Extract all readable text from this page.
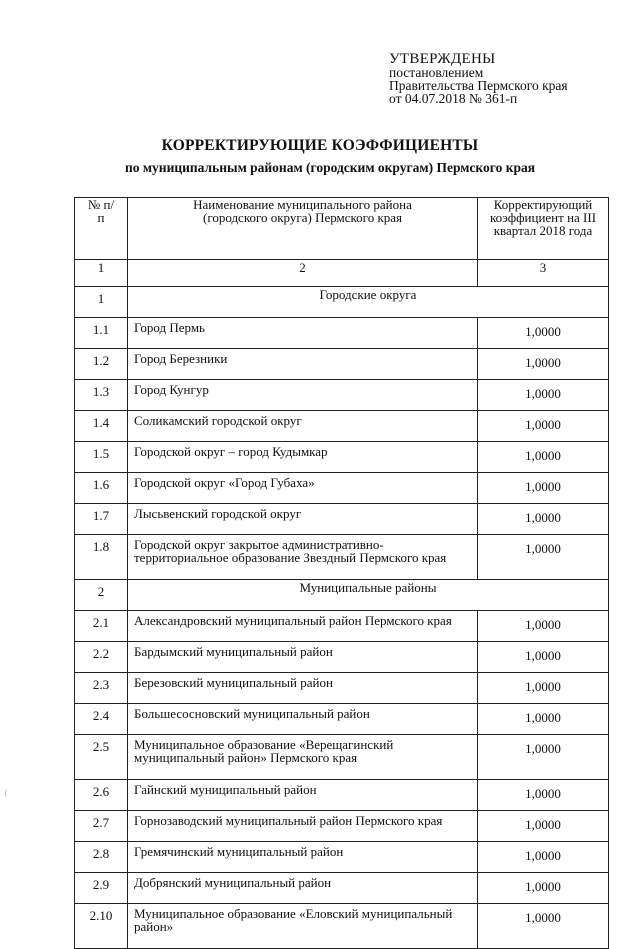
УТВЕРЖДЕНЫ
постановлением
Правительства Пермского края
от 04.07.2018 № 361-п
КОРРЕКТИРУЮЩИЕ КОЭФФИЦИЕНТЫ
по муниципальным районам (городским округам) Пермского края
№ п/п	Наименование муниципального района (городского округа) Пермского края	Корректирующий коэффициент на III квартал 2018 года
1	2	3
1	Городские округа	
1.1	Город Пермь	1,0000
1.2	Город Березники	1,0000
1.3	Город Кунгур	1,0000
1.4	Соликамский городской округ	1,0000
1.5	Городской округ – город Кудымкар	1,0000
1.6	Городской округ «Город Губаха»	1,0000
1.7	Лысьвенский городской округ	1,0000
1.8	Городской округ закрытое административно-территориальное образование Звездный Пермского края	1,0000
2	Муниципальные районы	
2.1	Александровский муниципальный район Пермского края	1,0000
2.2	Бардымский муниципальный район	1,0000
2.3	Березовский муниципальный район	1,0000
2.4	Большесосновский муниципальный район	1,0000
2.5	Муниципальное образование «Верещагинский муниципальный район» Пермского края	1,0000
2.6	Гайнский муниципальный район	1,0000
2.7	Горнозаводский муниципальный район Пермского края	1,0000
2.8	Гремячинский муниципальный район	1,0000
2.9	Добрянский муниципальный район	1,0000
2.10	Муниципальное образование «Еловский муниципальный район»	1,0000
∕
